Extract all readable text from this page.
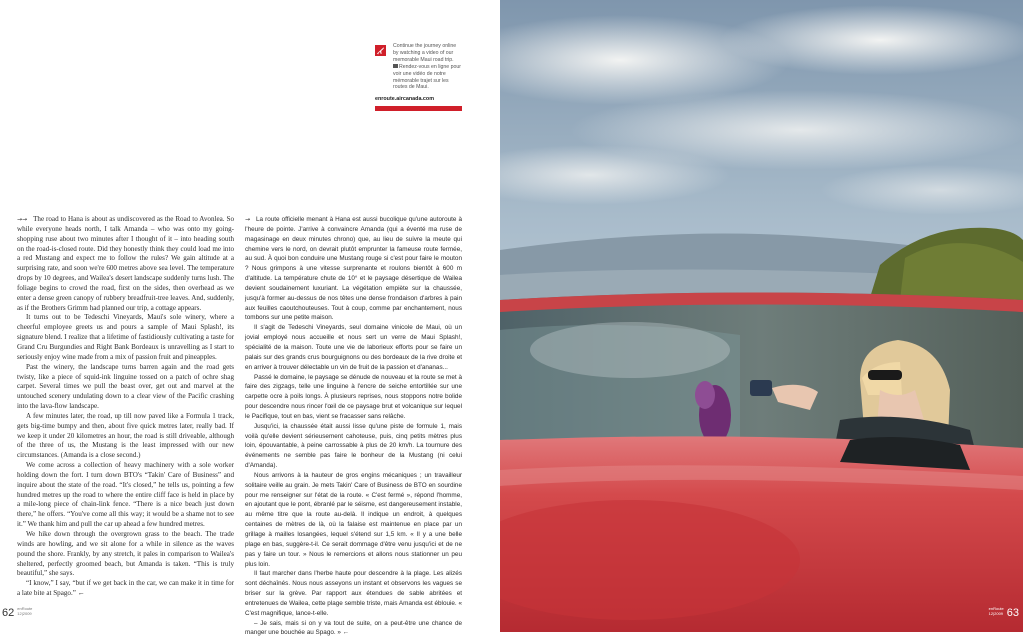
Continue the journey online by watching a video of our memorable Maui road trip.
Rendez-vous en ligne pour voir une vidéo de notre mémorable trajet sur les routes de Maui.
enroute.aircanada.com

→→ The road to Hana is about as undiscovered as the Road to Avonlea. So while everyone heads north, I talk Amanda – who was onto my going-shopping ruse about two minutes after I thought of it – into heading south on the road-is-closed route. Did they honestly think they could load me into a red Mustang and expect me to follow the rules? We gain altitude at a surprising rate, and soon we're 600 metres above sea level. The temperature drops by 10 degrees, and Wailea's desert landscape suddenly turns lush. The foliage begins to crowd the road, first on the sides, then overhead as we enter a dense green canopy of rubbery breadfruit-tree leaves. And, suddenly, as if the Brothers Grimm had planned our trip, a cottage appears.

It turns out to be Tedeschi Vineyards, Maui's sole winery, where a cheerful employee greets us and pours a sample of Maui Splash!, its signature blend. I realize that a lifetime of fastidiously cultivating a taste for Grand Cru Burgundies and Right Bank Bordeaux is unravelling as I start to seriously enjoy wine made from a mix of passion fruit and pineapples.

Past the winery, the landscape turns barren again and the road gets twisty, like a piece of squid-ink linguine tossed on a patch of ochre shag carpet. Several times we pull the beast over, get out and marvel at the untouched scenery undulating down to a clear view of the Pacific crashing into the lava-flow landscape.

A few minutes later, the road, up till now paved like a Formula 1 track, gets big-time bumpy and then, about five quick metres later, really bad. If we keep it under 20 kilometres an hour, the road is still driveable, although of the three of us, the Mustang is the least impressed with our new circumstances. (Amanda is a close second.)

We come across a collection of heavy machinery with a sole worker holding down the fort. I turn down BTO's “Takin' Care of Business” and inquire about the state of the road. “It's closed,” he tells us, pointing a few hundred metres up the road to where the entire cliff face is held in place by a mile-long piece of chain-link fence. “There is a nice beach just down there,” he offers. “You've come all this way; it would be a shame not to see it.” We thank him and pull the car up ahead a few hundred metres.

We hike down through the overgrown grass to the beach. The trade winds are howling, and we sit alone for a while in silence as the waves pound the shore. Frankly, by any stretch, it pales in comparison to Wailea's sheltered, perfectly groomed beach, but Amanda is taken. “This is truly beautiful,” she says.

“I know,” I say, “but if we get back in the car, we can make it in time for a late bite at Spago.” ←

→ La route officielle menant à Hana est aussi bucolique qu'une autoroute à l'heure de pointe. J'arrive à convaincre Amanda (qui a éventé ma ruse de magasinage en deux minutes chrono) que, au lieu de suivre la meute qui chemine vers le nord, on devrait plutôt emprunter la fameuse route fermée, au sud. À quoi bon conduire une Mustang rouge si c'est pour faire le mouton ? Nous grimpons à une vitesse surprenante et roulons bientôt à 600 m d'altitude. La température chute de 10° et le paysage désertique de Wailea devient soudainement luxuriant. La végétation empiète sur la chaussée, jusqu'à former au-dessus de nos têtes une dense frondaison d'arbres à pain aux feuilles caoutchouteuses. Tout à coup, comme par enchantement, nous tombons sur une petite maison.

Il s'agit de Tedeschi Vineyards, seul domaine vinicole de Maui, où un jovial employé nous accueille et nous sert un verre de Maui Splash!, spécialité de la maison. Toute une vie de laborieux efforts pour se faire un palais sur des grands crus bourguignons ou des bordeaux de la rive droite et en arriver à trouver délectable un vin de fruit de la passion et d'ananas...

Passé le domaine, le paysage se dénude de nouveau et la route se met à faire des zigzags, telle une linguine à l'encre de seiche entortillée sur une carpette ocre à poils longs. À plusieurs reprises, nous stoppons notre bolide pour descendre nous rincer l'œil de ce paysage brut et volcanique sur lequel le Pacifique, tout en bas, vient se fracasser sans relâche.

Jusqu'ici, la chaussée était aussi lisse qu'une piste de formule 1, mais voilà qu'elle devient sérieusement cahoteuse, puis, cinq petits mètres plus loin, épouvantable, à peine carrossable à plus de 20 km/h. La tournure des événements ne semble pas faire le bonheur de la Mustang (ni celui d'Amanda).

Nous arrivons à la hauteur de gros engins mécaniques ; un travailleur solitaire veille au grain. Je mets Takin' Care of Business de BTO en sourdine pour me renseigner sur l'état de la route. « C'est fermé », répond l'homme, en ajoutant que le pont, ébranlé par le séisme, est dangereusement instable, au même titre que la route au-delà. Il indique un endroit, à quelques centaines de mètres de là, où la falaise est maintenue en place par un grillage à mailles losangées, lequel s'étend sur 1,5 km. « Il y a une belle plage en bas, suggère-t-il. Ce serait dommage d'être venu jusqu'ici et de ne pas y faire un tour. » Nous le remercions et allons nous stationner un peu plus loin.

Il faut marcher dans l'herbe haute pour descendre à la plage. Les alizés sont déchaînés. Nous nous asseyons un instant et observons les vagues se briser sur la grève. Par rapport aux étendues de sable abritées et entretenues de Wailea, cette plage semble triste, mais Amanda est éblouie. « C'est magnifique, lance-t-elle.

– Je sais, mais si on y va tout de suite, on a peut-être une chance de manger une bouchée au Spago. » ←

62 enRoute
12|2009
enRoute
12|2009 63
